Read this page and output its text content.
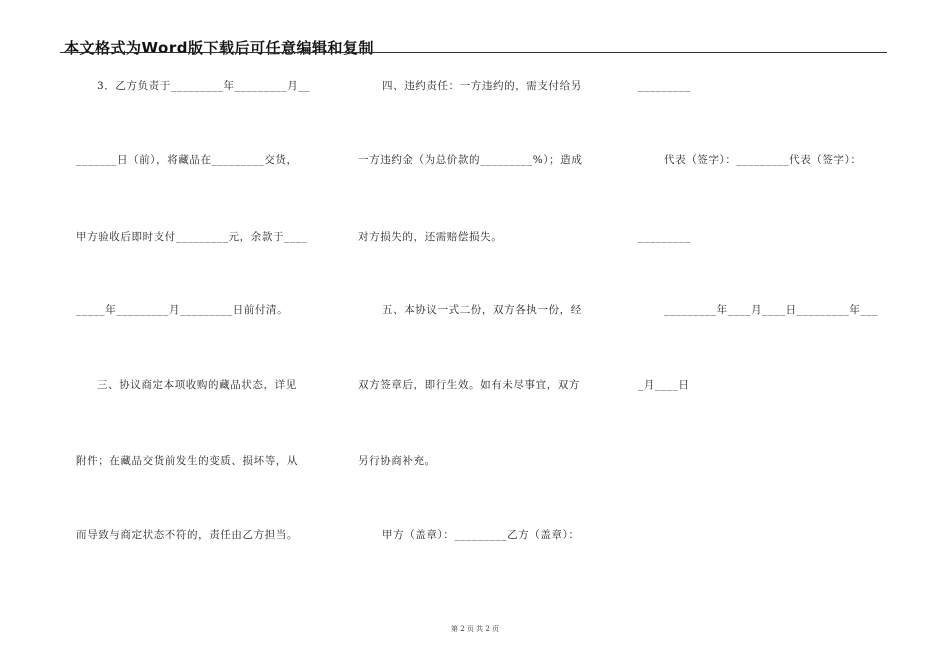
本文格式为Word版下载后可任意编辑和复制
3．乙方负责于_________年_________月__
_______日（前），将藏品在_________交货，
甲方验收后即时支付_________元，余款于____
_____年_________月_________日前付清。
三、协议商定本项收购的藏品状态，详见
附件；在藏品交货前发生的变质、损坏等，从
而导致与商定状态不符的，责任由乙方担当。
四、违约责任：一方违约的，需支付给另
一方违约金（为总价款的_________%）；造成
对方损失的，还需赔偿损失。
五、本协议一式二份，双方各执一份，经
双方签章后，即行生效。如有未尽事宜，双方
另行协商补充。
甲方（盖章）：_________乙方（盖章）：
_________
代表（签字）：_________代表（签字）：
_________
_________年____月____日_________年___
_月____日
第 2 页 共 2 页
